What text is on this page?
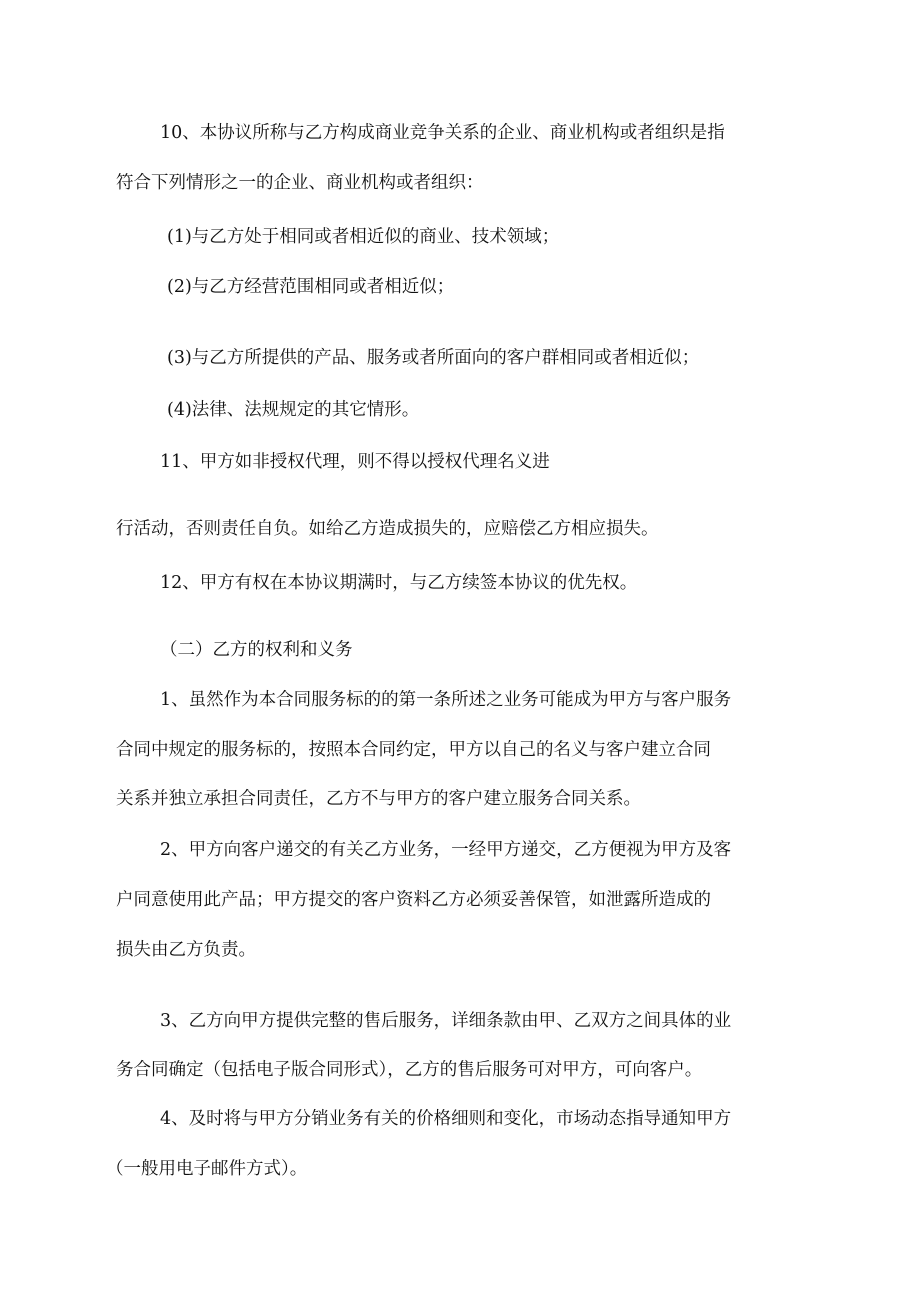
10、本协议所称与乙方构成商业竞争关系的企业、商业机构或者组织是指
符合下列情形之一的企业、商业机构或者组织：
(1)与乙方处于相同或者相近似的商业、技术领域；
(2)与乙方经营范围相同或者相近似；
(3)与乙方所提供的产品、服务或者所面向的客户群相同或者相近似；
(4)法律、法规规定的其它情形。
11、甲方如非授权代理，则不得以授权代理名义进
行活动，否则责任自负。如给乙方造成损失的，应赔偿乙方相应损失。
12、甲方有权在本协议期满时，与乙方续签本协议的优先权。
（二）乙方的权利和义务
1、虽然作为本合同服务标的的第一条所述之业务可能成为甲方与客户服务
合同中规定的服务标的，按照本合同约定，甲方以自己的名义与客户建立合同
关系并独立承担合同责任，乙方不与甲方的客户建立服务合同关系。
2、甲方向客户递交的有关乙方业务，一经甲方递交，乙方便视为甲方及客
户同意使用此产品；甲方提交的客户资料乙方必须妥善保管，如泄露所造成的
损失由乙方负责。
3、乙方向甲方提供完整的售后服务，详细条款由甲、乙双方之间具体的业
务合同确定（包括电子版合同形式），乙方的售后服务可对甲方，可向客户。
4、及时将与甲方分销业务有关的价格细则和变化，市场动态指导通知甲方
（一般用电子邮件方式）。
